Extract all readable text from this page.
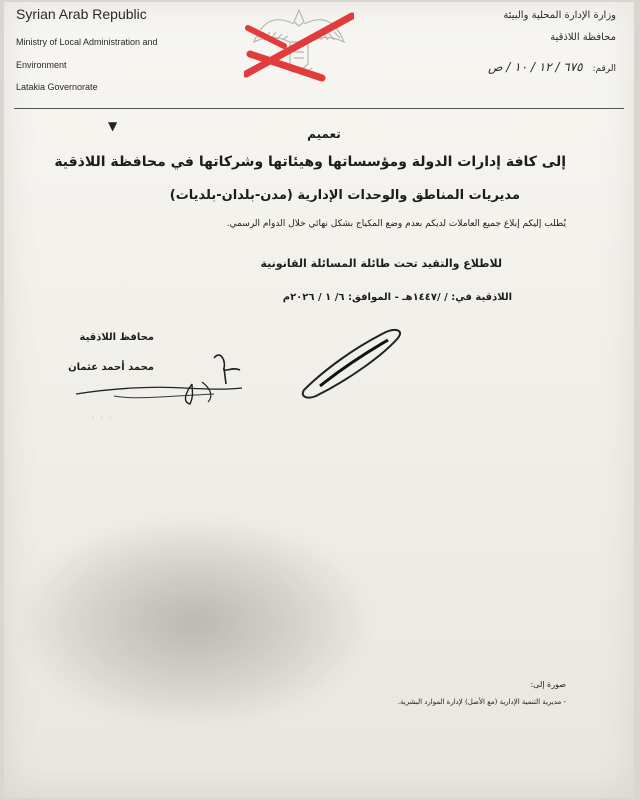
Syrian Arab Republic
Ministry of Local Administration and
Environment
Latakia Governorate
وزارة الإدارة المحلية والبيئة
محافظة اللاذقية
الرقم: ٦٧٥ / ١٢ / ١٠ / ص
▼
تعميم
إلى كافة إدارات الدولة ومؤسساتها وهيئاتها وشركاتها في محافظة اللاذقية
مديريات المناطق والوحدات الإدارية (مدن-بلدان-بلديات)
يُطلب إليكم إبلاغ جميع العاملات لديكم بعدم وضع المكياج بشكل نهائي خلال الدوام الرسمي.
للاطلاع والتقيد تحت طائلة المسائلة القانونية
اللاذقية في: / /١٤٤٧هـ - الموافق: ٦/ ١ / ٢٠٢٦م
محافظ اللاذقية
محمد أحمد عثمان
· · ·
صورة إلى:
- مديرية التنمية الإدارية (مع الأصل) لإدارة الموارد البشرية.
